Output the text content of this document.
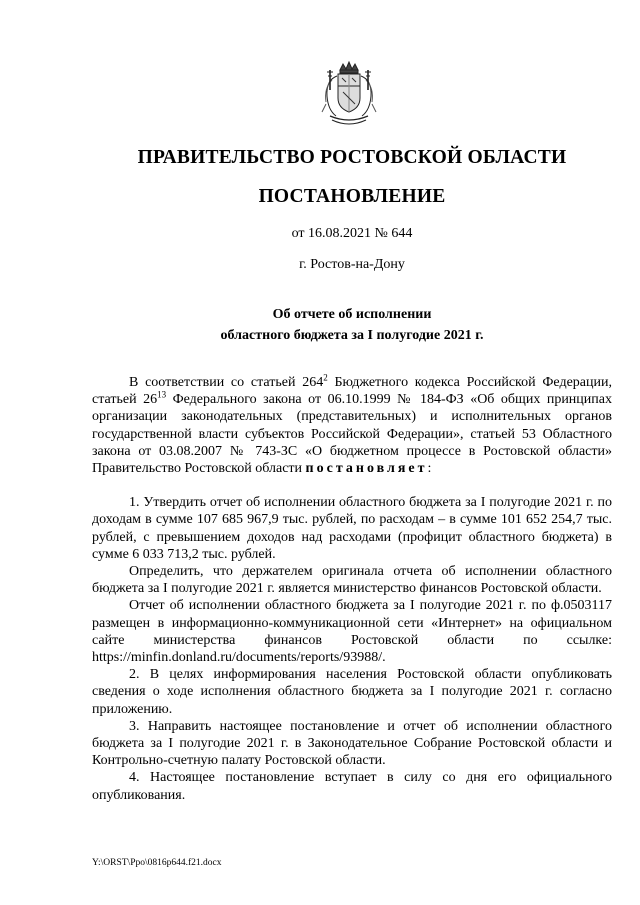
ПРАВИТЕЛЬСТВО РОСТОВСКОЙ ОБЛАСТИ
ПОСТАНОВЛЕНИЕ
от 16.08.2021 № 644
г. Ростов-на-Дону
Об отчете об исполнении
областного бюджета за I полугодие 2021 г.

В соответствии со статьей $264^2$ Бюджетного кодекса Российской Федерации, статьей $26^{13}$ Федерального закона от 06.10.1999 № 184-ФЗ «Об общих принципах организации законодательных (представительных) и исполнительных органов государственной власти субъектов Российской Федерации», статьей 53 Областного закона от 03.08.2007 № 743-ЗС «О бюджетном процессе в Ростовской области» Правительство Ростовской области постановляет:

1. Утвердить отчет об исполнении областного бюджета за I полугодие 2021 г. по доходам в сумме 107 685 967,9 тыс. рублей, по расходам – в сумме 101 652 254,7 тыс. рублей, с превышением доходов над расходами (профицит областного бюджета) в сумме 6 033 713,2 тыс. рублей.

Определить, что держателем оригинала отчета об исполнении областного бюджета за I полугодие 2021 г. является министерство финансов Ростовской области.

Отчет об исполнении областного бюджета за I полугодие 2021 г. по ф.0503117 размещен в информационно-коммуникационной сети «Интернет» на официальном сайте министерства финансов Ростовской области по ссылке: https://minfin.donland.ru/documents/reports/93988/.

2. В целях информирования населения Ростовской области опубликовать сведения о ходе исполнения областного бюджета за I полугодие 2021 г. согласно приложению.

3. Направить настоящее постановление и отчет об исполнении областного бюджета за I полугодие 2021 г. в Законодательное Собрание Ростовской области и Контрольно-счетную палату Ростовской области.

4. Настоящее постановление вступает в силу со дня его официального опубликования.

Y:\ORST\Ppo\0816p644.f21.docx
